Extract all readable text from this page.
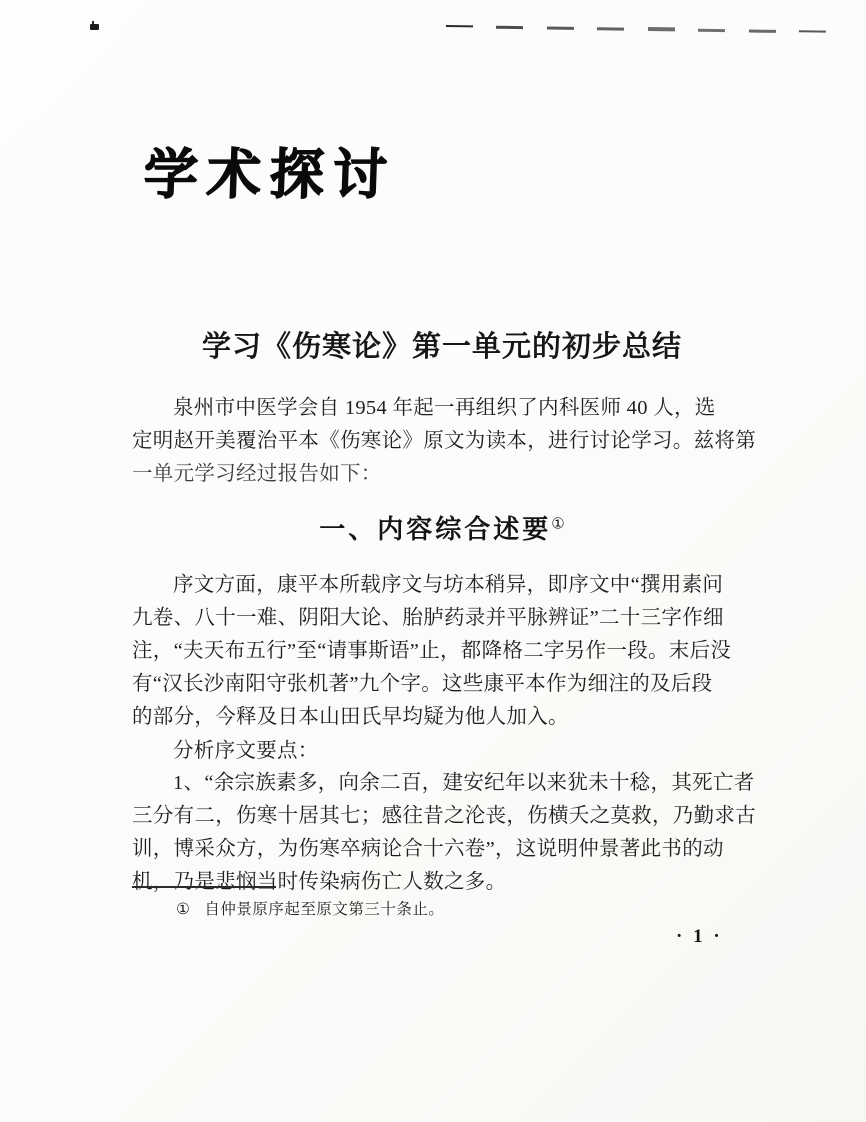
学术探讨
学习《伤寒论》第一单元的初步总结
泉州市中医学会自 1954 年起一再组织了内科医师 40 人，选
定明赵开美覆治平本《伤寒论》原文为读本，进行讨论学习。兹将第
一单元学习经过报告如下：
一、内容综合述要①
序文方面，康平本所载序文与坊本稍异，即序文中“撰用素问
九卷、八十一难、阴阳大论、胎胪药录并平脉辨证”二十三字作细
注，“夫天布五行”至“请事斯语”止，都降格二字另作一段。末后没
有“汉长沙南阳守张机著”九个字。这些康平本作为细注的及后段
的部分，今释及日本山田氏早均疑为他人加入。
分析序文要点：
1、“余宗族素多，向余二百，建安纪年以来犹未十稔，其死亡者
三分有二，伤寒十居其七；感往昔之沦丧，伤横夭之莫救，乃勤求古
训，博采众方，为伤寒卒病论合十六卷”，这说明仲景著此书的动
机，乃是悲悯当时传染病伤亡人数之多。
① 自仲景原序起至原文第三十条止。
· 1 ·
